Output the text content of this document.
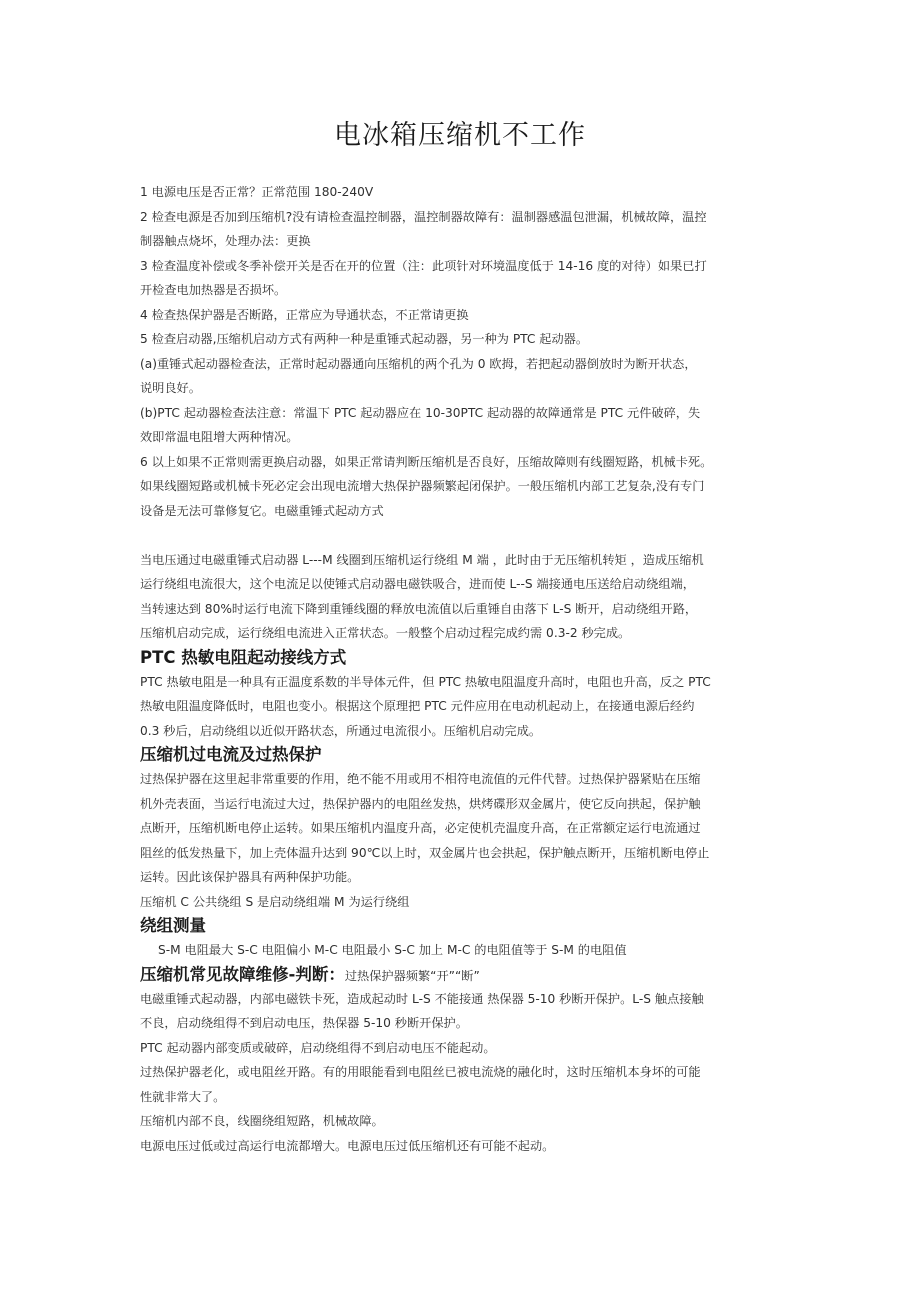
电冰箱压缩机不工作
1 电源电压是否正常？正常范围 180-240V
2 检查电源是否加到压缩机?没有请检查温控制器，温控制器故障有：温制器感温包泄漏，机械故障，温控
制器触点烧坏，处理办法：更换
3 检查温度补偿或冬季补偿开关是否在开的位置（注：此项针对环境温度低于 14-16 度的对待）如果已打
开检查电加热器是否损坏。
4 检查热保护器是否断路，正常应为导通状态，不正常请更换
5 检查启动器,压缩机启动方式有两种一种是重锤式起动器，另一种为 PTC 起动器。
(a)重锤式起动器检查法，正常时起动器通向压缩机的两个孔为 0 欧拇，若把起动器倒放时为断开状态，
说明良好。
(b)PTC 起动器检查法注意：常温下 PTC 起动器应在 10-30PTC 起动器的故障通常是 PTC 元件破碎，失
效即常温电阻增大两种情况。
6 以上如果不正常则需更换启动器，如果正常请判断压缩机是否良好，压缩故障则有线圈短路，机械卡死。
如果线圈短路或机械卡死必定会出现电流增大热保护器频繁起闭保护。一般压缩机内部工艺复杂,没有专门
设备是无法可靠修复它。电磁重锤式起动方式
当电压通过电磁重锤式启动器 L---M 线圈到压缩机运行绕组 M 端 ，此时由于无压缩机转矩 ，造成压缩机
运行绕组电流很大，这个电流足以使锤式启动器电磁铁吸合，进而使 L--S 端接通电压送给启动绕组端，
当转速达到 80%时运行电流下降到重锤线圈的释放电流值以后重锤自由落下 L-S 断开，启动绕组开路，
压缩机启动完成，运行绕组电流进入正常状态。一般整个启动过程完成约需 0.3-2 秒完成。
PTC 热敏电阻起动接线方式
PTC 热敏电阻是一种具有正温度系数的半导体元件，但 PTC 热敏电阻温度升高时，电阻也升高，反之 PTC
热敏电阻温度降低时，电阻也变小。根据这个原理把 PTC 元件应用在电动机起动上，在接通电源后经约
0.3 秒后，启动绕组以近似开路状态，所通过电流很小。压缩机启动完成。
压缩机过电流及过热保护
过热保护器在这里起非常重要的作用，绝不能不用或用不相符电流值的元件代替。过热保护器紧贴在压缩
机外壳表面，当运行电流过大过，热保护器内的电阻丝发热，烘烤碟形双金属片，使它反向拱起，保护触
点断开，压缩机断电停止运转。如果压缩机内温度升高，必定使机壳温度升高，在正常额定运行电流通过
阻丝的低发热量下，加上壳体温升达到 90℃以上时，双金属片也会拱起，保护触点断开，压缩机断电停止
运转。因此该保护器具有两种保护功能。
压缩机 C 公共绕组 S 是启动绕组端 M 为运行绕组
绕组测量
S-M 电阻最大 S-C 电阻偏小 M-C 电阻最小 S-C 加上 M-C 的电阻值等于 S-M 的电阻值
压缩机常见故障维修-判断：过热保护器频繁“开”“断”
电磁重锤式起动器，内部电磁铁卡死，造成起动时 L-S 不能接通 热保器 5-10 秒断开保护。L-S 触点接触
不良，启动绕组得不到启动电压，热保器 5-10 秒断开保护。
PTC 起动器内部变质或破碎，启动绕组得不到启动电压不能起动。
过热保护器老化，或电阻丝开路。有的用眼能看到电阻丝已被电流烧的融化时，这时压缩机本身坏的可能
性就非常大了。
压缩机内部不良，线圈绕组短路，机械故障。
电源电压过低或过高运行电流都增大。电源电压过低压缩机还有可能不起动。
